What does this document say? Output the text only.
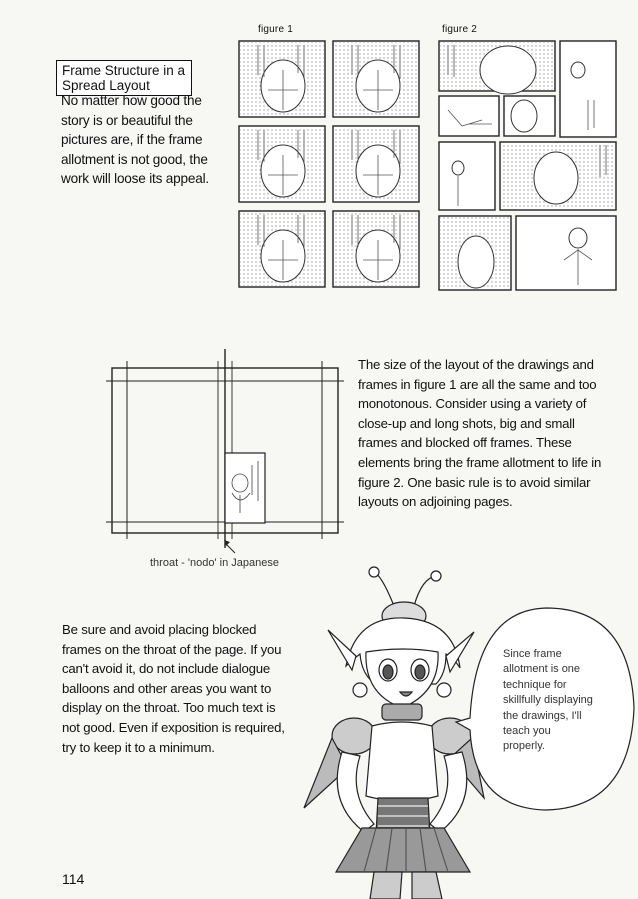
figure 1	figure 2
Frame Structure in a
Spread Layout
No matter how good the
story is or beautiful the
pictures are, if the frame
allotment is not good, the
work will loose its appeal.
throat - 'nodo' in Japanese
The size of the layout of the drawings and
frames in figure 1 are all the same and too
monotonous. Consider using a variety of
close-up and long shots, big and small
frames and blocked off frames. These
elements bring the frame allotment to life in
figure 2. One basic rule is to avoid similar
layouts on adjoining pages.
Be sure and avoid placing blocked
frames on the throat of the page. If you
can't avoid it, do not include dialogue
balloons and other areas you want to
display on the throat. Too much text is
not good. Even if exposition is required,
try to keep it to a minimum.
Since frame
allotment is one
technique for
skillfully displaying
the drawings, I'll
teach you
properly.
114
